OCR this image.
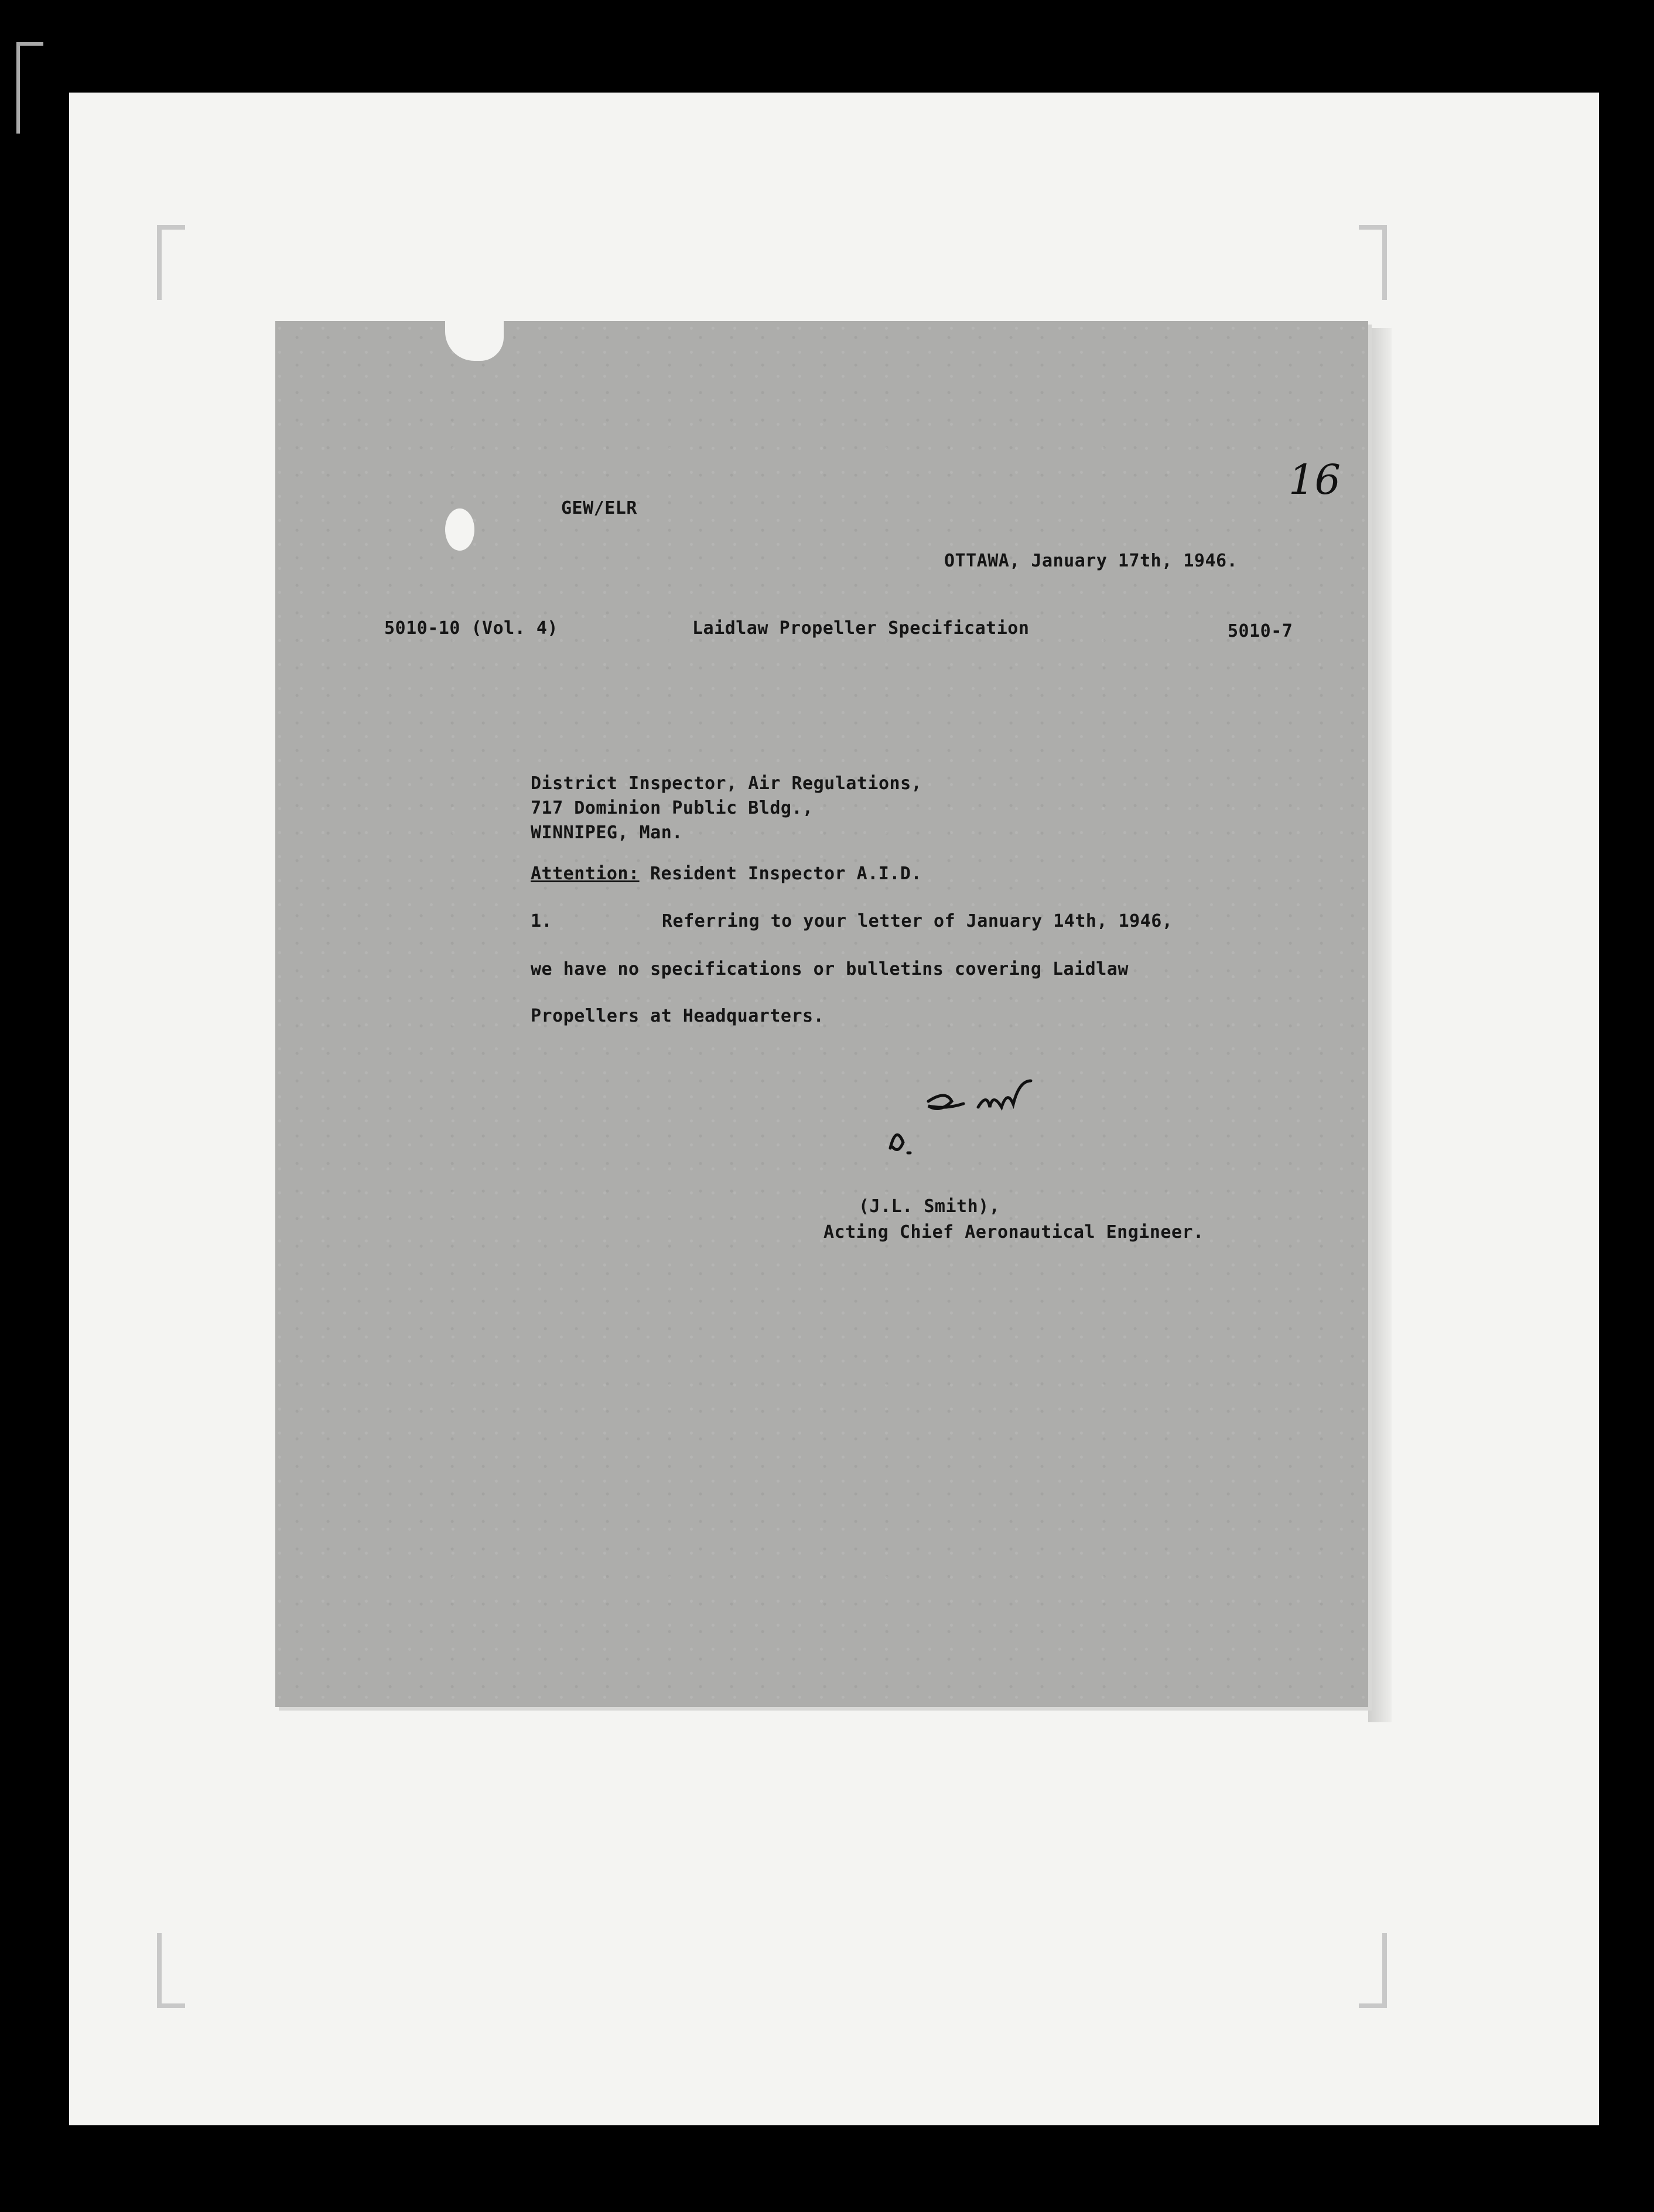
16
GEW/ELR
OTTAWA, January 17th, 1946.
5010-10 (Vol. 4)	Laidlaw Propeller Specification	5010-7
District Inspector, Air Regulations,
717 Dominion Public Bldg.,
WINNIPEG, Man.
Attention: Resident Inspector A.I.D.
1.	Referring to your letter of January 14th, 1946,
we have no specifications or bulletins covering Laidlaw
Propellers at Headquarters.
(J.L. Smith),
Acting Chief Aeronautical Engineer.
